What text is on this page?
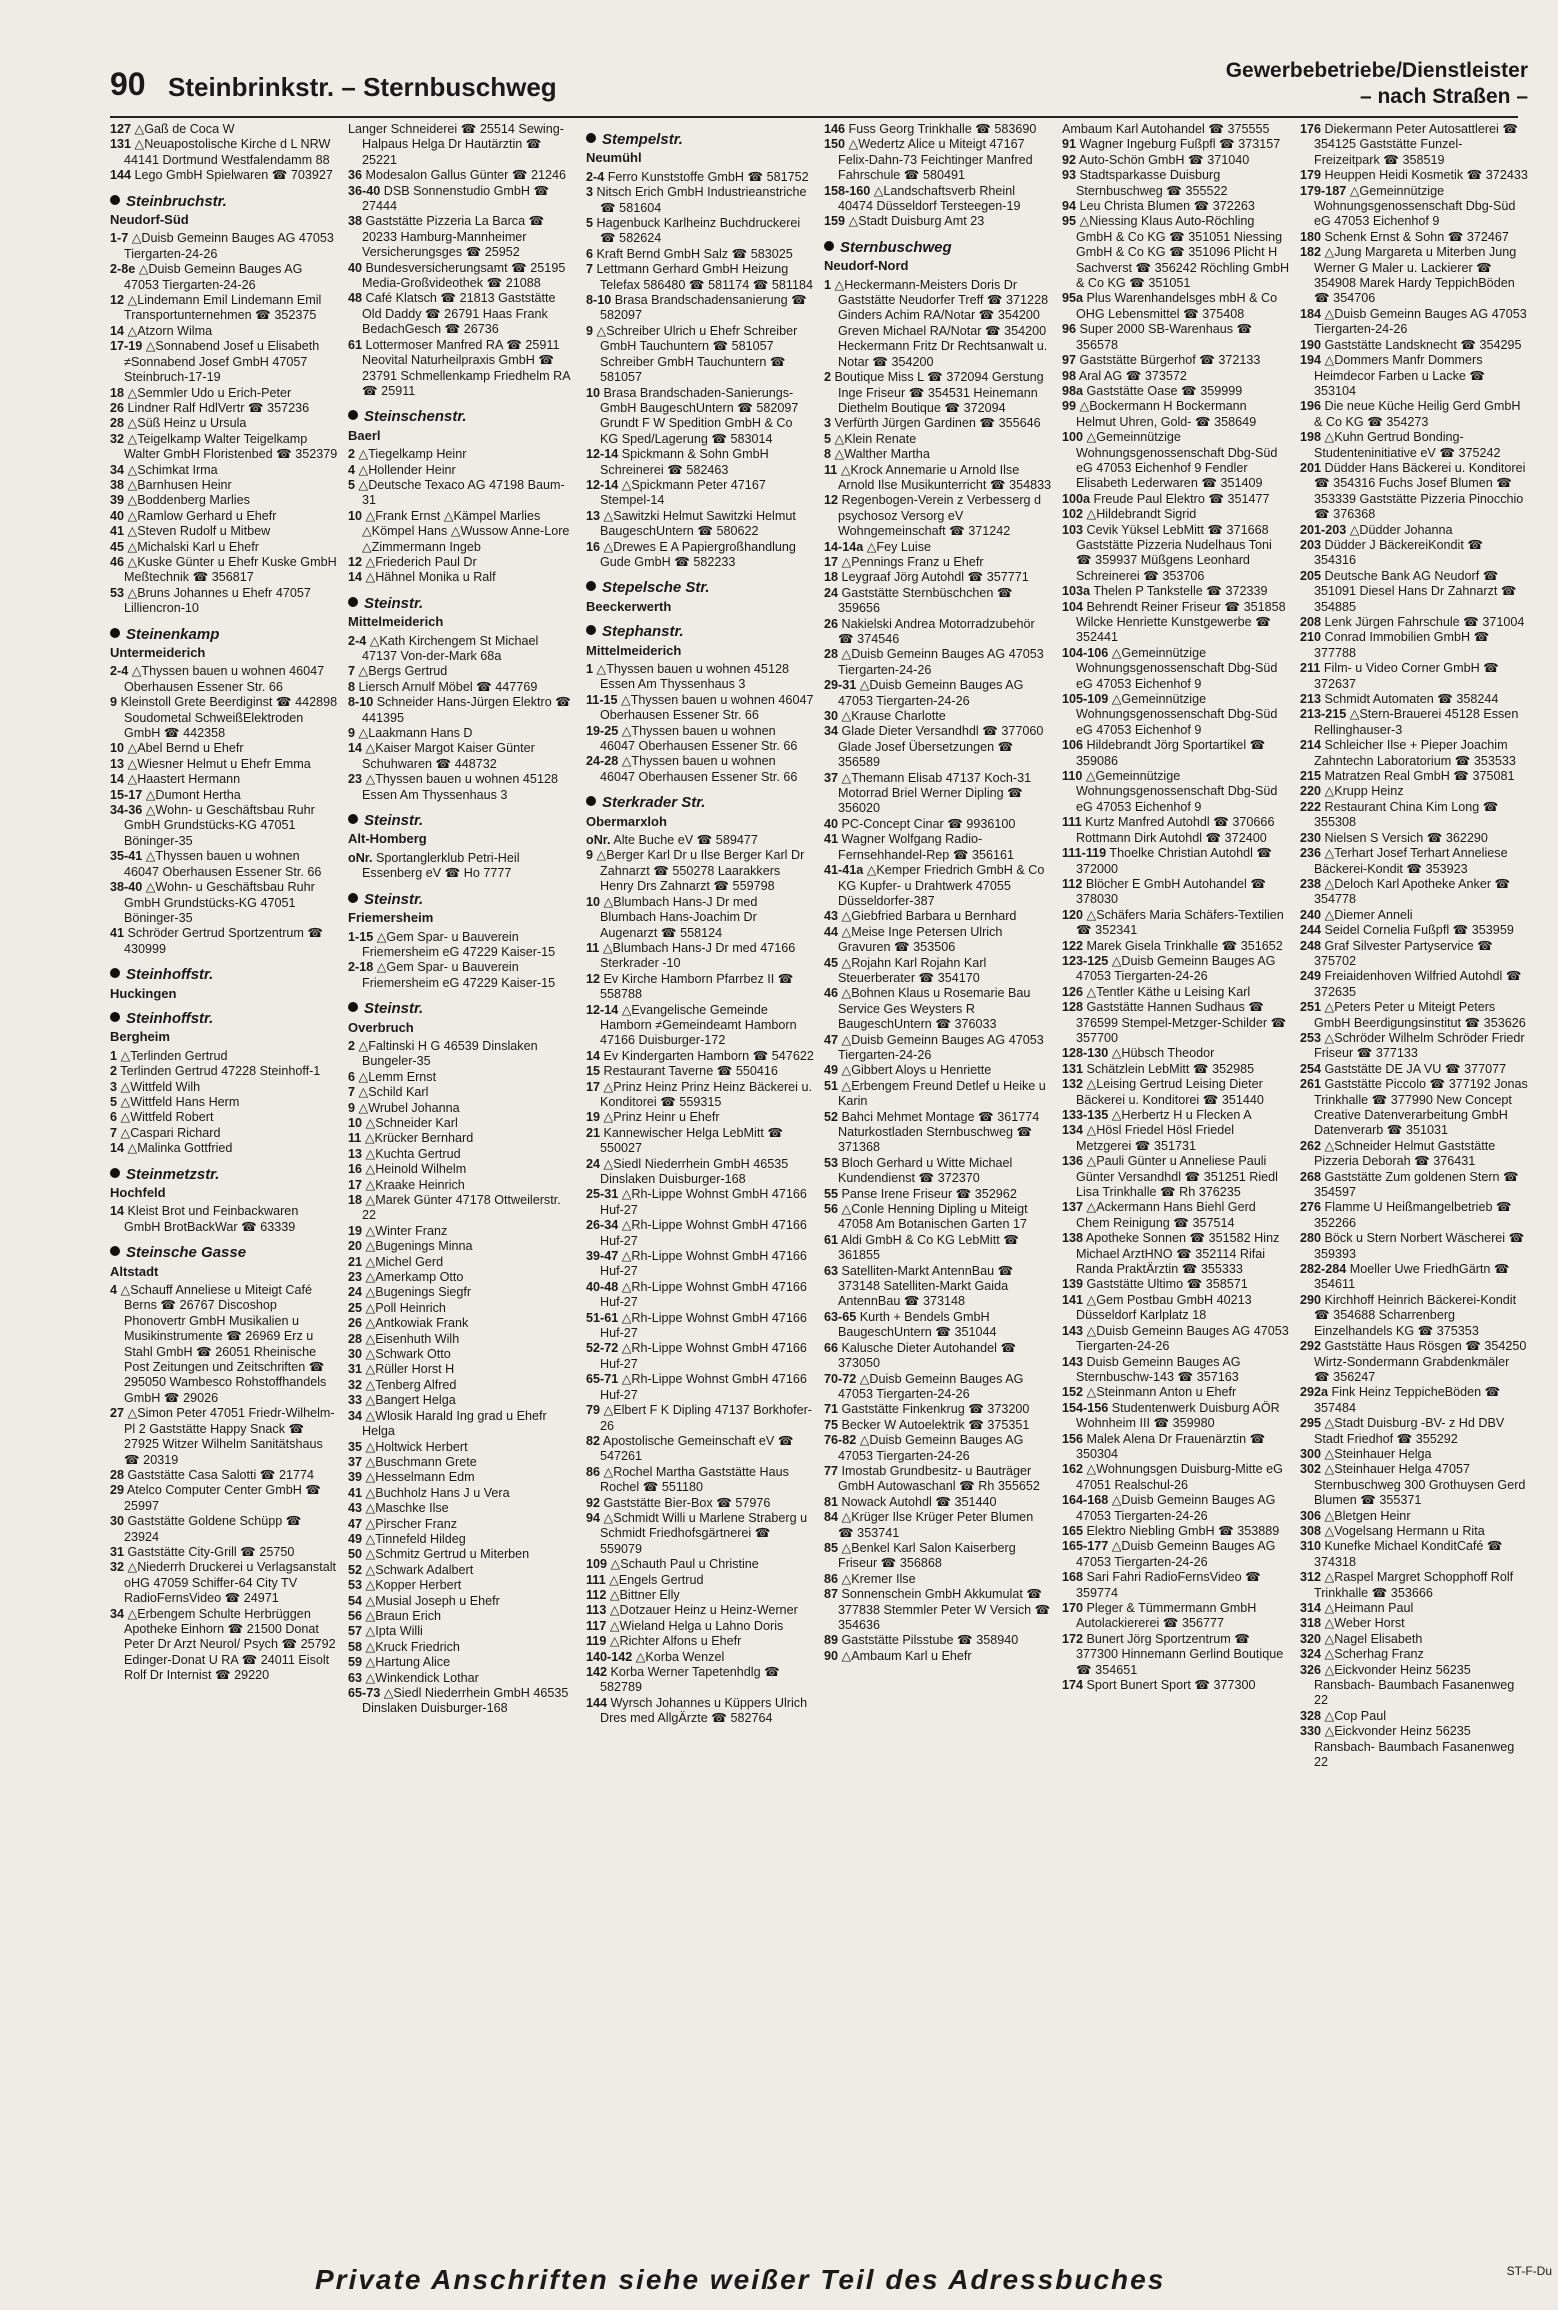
90 Steinbrinkstr. – Sternbuschweg
Gewerbebetriebe/Dienstleister
– nach Straßen –
127 △Gaß de Coca W
131 △Neuapostolische Kirche d L NRW 44141 Dortmund Westfalendamm 88
144 Lego GmbH Spielwaren ☎ 703927
Steinbruchstr.
Neudorf-Süd
1-7 △Duisb Gemeinn Bauges AG 47053 Tiergarten-24-26
2-8e △Duisb Gemeinn Bauges AG 47053 Tiergarten-24-26
12 △Lindemann Emil Lindemann Emil Transportunternehmen ☎ 352375
14 △Atzorn Wilma
17-19 △Sonnabend Josef u Elisabeth ≠Sonnabend Josef GmbH 47057 Steinbruch-17-19
18 △Semmler Udo u Erich-Peter
26 Lindner Ralf HdlVertr ☎ 357236
28 △Süß Heinz u Ursula
32 △Teigelkamp Walter Teigelkamp Walter GmbH Floristenbed ☎ 352379
34 △Schimkat Irma
38 △Barnhusen Heinr
39 △Boddenberg Marlies
40 △Ramlow Gerhard u Ehefr
41 △Steven Rudolf u Mitbew
45 △Michalski Karl u Ehefr
46 △Kuske Günter u Ehefr Kuske GmbH Meßtechnik ☎ 356817
53 △Bruns Johannes u Ehefr 47057 Lilliencron-10
Steinenkamp
Untermeiderich
2-4 △Thyssen bauen u wohnen 46047 Oberhausen Essener Str. 66
9 Kleinstoll Grete Beerdiginst ☎ 442898 Soudometal SchweißElektroden GmbH ☎ 442358
10 △Abel Bernd u Ehefr
13 △Wiesner Helmut u Ehefr Emma
14 △Haastert Hermann
15-17 △Dumont Hertha
34-36 △Wohn- u Geschäftsbau Ruhr GmbH Grundstücks-KG 47051 Böninger-35
35-41 △Thyssen bauen u wohnen 46047 Oberhausen Essener Str. 66
38-40 △Wohn- u Geschäftsbau Ruhr GmbH Grundstücks-KG 47051 Böninger-35
41 Schröder Gertrud Sportzentrum ☎ 430999
Steinhoffstr.
Huckingen
Steinhoffstr.
Bergheim
1 △Terlinden Gertrud
2 Terlinden Gertrud 47228 Steinhoff-1
3 △Wittfeld Wilh
5 △Wittfeld Hans Herm
6 △Wittfeld Robert
7 △Caspari Richard
14 △Malinka Gottfried
Steinmetzstr.
Hochfeld
14 Kleist Brot und Feinbackwaren GmbH BrotBackWar ☎ 63339
Steinsche Gasse
Altstadt
4 △Schauff Anneliese u Miteigt Café Berns ☎ 26767 Discoshop Phonovertr GmbH Musikalien u Musikinstrumente ☎ 26969 Erz u Stahl GmbH ☎ 26051 Rheinische Post Zeitungen und Zeitschriften ☎ 295050 Wambesco Rohstoffhandels GmbH ☎ 29026
27 △Simon Peter 47051 Friedr-Wilhelm-Pl 2 Gaststätte Happy Snack ☎ 27925 Witzer Wilhelm Sanitätshaus ☎ 20319
28 Gaststätte Casa Salotti ☎ 21774
29 Atelco Computer Center GmbH ☎ 25997
30 Gaststätte Goldene Schüpp ☎ 23924
31 Gaststätte City-Grill ☎ 25750
32 △Niederrh Druckerei u Verlagsanstalt oHG 47059 Schiffer-64 City TV RadioFernsVideo ☎ 24971
34 △Erbengem Schulte Herbrüggen Apotheke Einhorn ☎ 21500 Donat Peter Dr Arzt Neurol/ Psych ☎ 25792 Edinger-Donat U RA ☎ 24011 Eisolt Rolf Dr Internist ☎ 29220
Langer Schneiderei ☎ 25514 Sewing-Halpaus Helga Dr Hautärztin ☎ 25221
36 Modesalon Gallus Günter ☎ 21246
36-40 DSB Sonnenstudio GmbH ☎ 27444
38 Gaststätte Pizzeria La Barca ☎ 20233 Hamburg-Mannheimer Versicherungsges ☎ 25952
40 Bundesversicherungsamt ☎ 25195 Media-Großvideothek ☎ 21088
48 Café Klatsch ☎ 21813 Gaststätte Old Daddy ☎ 26791 Haas Frank BedachGesch ☎ 26736
61 Lottermoser Manfred RA ☎ 25911 Neovital Naturheilpraxis GmbH ☎ 23791 Schmellenkamp Friedhelm RA ☎ 25911
Steinschenstr.
Baerl
2 △Tiegelkamp Heinr
4 △Hollender Heinr
5 △Deutsche Texaco AG 47198 Baum-31
10 △Frank Ernst △Kämpel Marlies △Kömpel Hans △Wussow Anne-Lore △Zimmermann Ingeb
12 △Friederich Paul Dr
14 △Hähnel Monika u Ralf
Steinstr.
Mittelmeiderich
2-4 △Kath Kirchengem St Michael 47137 Von-der-Mark 68a
7 △Bergs Gertrud
8 Liersch Arnulf Möbel ☎ 447769
8-10 Schneider Hans-Jürgen Elektro ☎ 441395
9 △Laakmann Hans D
14 △Kaiser Margot Kaiser Günter Schuhwaren ☎ 448732
23 △Thyssen bauen u wohnen 45128 Essen Am Thyssenhaus 3
Steinstr.
Alt-Homberg
oNr. Sportanglerklub Petri-Heil Essenberg eV ☎ Ho 7777
Steinstr.
Friemersheim
1-15 △Gem Spar- u Bauverein Friemersheim eG 47229 Kaiser-15
2-18 △Gem Spar- u Bauverein Friemersheim eG 47229 Kaiser-15
Steinstr.
Overbruch
2 △Faltinski H G 46539 Dinslaken Bungeler-35
6 △Lemm Ernst
7 △Schild Karl
9 △Wrubel Johanna
10 △Schneider Karl
11 △Krücker Bernhard
13 △Kuchta Gertrud
16 △Heinold Wilhelm
17 △Kraake Heinrich
18 △Marek Günter 47178 Ottweilerstr. 22
19 △Winter Franz
20 △Bugenings Minna
21 △Michel Gerd
23 △Amerkamp Otto
24 △Bugenings Siegfr
25 △Poll Heinrich
26 △Antkowiak Frank
28 △Eisenhuth Wilh
30 △Schwark Otto
31 △Rüller Horst H
32 △Tenberg Alfred
33 △Bangert Helga
34 △Wlosik Harald Ing grad u Ehefr Helga
35 △Holtwick Herbert
37 △Buschmann Grete
39 △Hesselmann Edm
41 △Buchholz Hans J u Vera
43 △Maschke Ilse
47 △Pirscher Franz
49 △Tinnefeld Hildeg
50 △Schmitz Gertrud u Miterben
52 △Schwark Adalbert
53 △Kopper Herbert
54 △Musial Joseph u Ehefr
56 △Braun Erich
57 △Ipta Willi
58 △Kruck Friedrich
59 △Hartung Alice
63 △Winkendick Lothar
65-73 △Siedl Niederrhein GmbH 46535 Dinslaken Duisburger-168
Stempelstr.
Neumühl
2-4 Ferro Kunststoffe GmbH ☎ 581752
3 Nitsch Erich GmbH Industrieanstriche ☎ 581604
5 Hagenbuck Karlheinz Buchdruckerei ☎ 582624
6 Kraft Bernd GmbH Salz ☎ 583025
7 Lettmann Gerhard GmbH Heizung Telefax 586480 ☎ 581174 ☎ 581184
8-10 Brasa Brandschadensanierung ☎ 582097
9 △Schreiber Ulrich u Ehefr Schreiber GmbH Tauchuntern ☎ 581057 Schreiber GmbH Tauchuntern ☎ 581057
10 Brasa Brandschaden-Sanierungs- GmbH BaugeschUntern ☎ 582097 Grundt F W Spedition GmbH & Co KG Sped/Lagerung ☎ 583014
12-14 Spickmann & Sohn GmbH Schreinerei ☎ 582463
12-14 △Spickmann Peter 47167 Stempel-14
13 △Sawitzki Helmut Sawitzki Helmut BaugeschUntern ☎ 580622
16 △Drewes E A Papiergroßhandlung Gude GmbH ☎ 582233
Stepelsche Str.
Beeckerwerth
Stephanstr.
Mittelmeiderich
1 △Thyssen bauen u wohnen 45128 Essen Am Thyssenhaus 3
11-15 △Thyssen bauen u wohnen 46047 Oberhausen Essener Str. 66
19-25 △Thyssen bauen u wohnen 46047 Oberhausen Essener Str. 66
24-28 △Thyssen bauen u wohnen 46047 Oberhausen Essener Str. 66
Sterkrader Str.
Obermarxloh
oNr. Alte Buche eV ☎ 589477
9 △Berger Karl Dr u Ilse Berger Karl Dr Zahnarzt ☎ 550278 Laarakkers Henry Drs Zahnarzt ☎ 559798
10 △Blumbach Hans-J Dr med Blumbach Hans-Joachim Dr Augenarzt ☎ 558124
11 △Blumbach Hans-J Dr med 47166 Sterkrader -10
12 Ev Kirche Hamborn Pfarrbez II ☎ 558788
12-14 △Evangelische Gemeinde Hamborn ≠Gemeindeamt Hamborn 47166 Duisburger-172
14 Ev Kindergarten Hamborn ☎ 547622
15 Restaurant Taverne ☎ 550416
17 △Prinz Heinz Prinz Heinz Bäckerei u. Konditorei ☎ 559315
19 △Prinz Heinr u Ehefr
21 Kannewischer Helga LebMitt ☎ 550027
24 △Siedl Niederrhein GmbH 46535 Dinslaken Duisburger-168
25-31 △Rh-Lippe Wohnst GmbH 47166 Huf-27
26-34 △Rh-Lippe Wohnst GmbH 47166 Huf-27
39-47 △Rh-Lippe Wohnst GmbH 47166 Huf-27
40-48 △Rh-Lippe Wohnst GmbH 47166 Huf-27
51-61 △Rh-Lippe Wohnst GmbH 47166 Huf-27
52-72 △Rh-Lippe Wohnst GmbH 47166 Huf-27
65-71 △Rh-Lippe Wohnst GmbH 47166 Huf-27
79 △Elbert F K Dipling 47137 Borkhofer-26
82 Apostolische Gemeinschaft eV ☎ 547261
86 △Rochel Martha Gaststätte Haus Rochel ☎ 551180
92 Gaststätte Bier-Box ☎ 57976
94 △Schmidt Willi u Marlene Straberg u Schmidt Friedhofsgärtnerei ☎ 559079
109 △Schauth Paul u Christine
111 △Engels Gertrud
112 △Bittner Elly
113 △Dotzauer Heinz u Heinz-Werner
117 △Wieland Helga u Lahno Doris
119 △Richter Alfons u Ehefr
140-142 △Korba Wenzel
142 Korba Werner Tapetenhdlg ☎ 582789
144 Wyrsch Johannes u Küppers Ulrich Dres med AllgÄrzte ☎ 582764
146 Fuss Georg Trinkhalle ☎ 583690
150 △Wedertz Alice u Miteigt 47167 Felix-Dahn-73 Feichtinger Manfred Fahrschule ☎ 580491
158-160 △Landschaftsverb Rheinl 40474 Düsseldorf Tersteegen-19
159 △Stadt Duisburg Amt 23
Sternbuschweg
Neudorf-Nord
1 △Heckermann-Meisters Doris Dr Gaststätte Neudorfer Treff ☎ 371228 Ginders Achim RA/Notar ☎ 354200 Greven Michael RA/Notar ☎ 354200 Heckermann Fritz Dr Rechtsanwalt u. Notar ☎ 354200
2 Boutique Miss L ☎ 372094 Gerstung Inge Friseur ☎ 354531 Heinemann Diethelm Boutique ☎ 372094
3 Verfürth Jürgen Gardinen ☎ 355646
5 △Klein Renate
8 △Walther Martha
11 △Krock Annemarie u Arnold Ilse Arnold Ilse Musikunterricht ☎ 354833
12 Regenbogen-Verein z Verbesserg d psychosoz Versorg eV Wohngemeinschaft ☎ 371242
14-14a △Fey Luise
17 △Pennings Franz u Ehefr
18 Leygraaf Jörg Autohdl ☎ 357771
24 Gaststätte Sternbüschchen ☎ 359656
26 Nakielski Andrea Motorradzubehör ☎ 374546
28 △Duisb Gemeinn Bauges AG 47053 Tiergarten-24-26
29-31 △Duisb Gemeinn Bauges AG 47053 Tiergarten-24-26
30 △Krause Charlotte
34 Glade Dieter Versandhdl ☎ 377060 Glade Josef Übersetzungen ☎ 356589
37 △Themann Elisab 47137 Koch-31 Motorrad Briel Werner Dipling ☎ 356020
40 PC-Concept Cinar ☎ 9936100
41 Wagner Wolfgang Radio-Fernsehhandel-Rep ☎ 356161
41-41a △Kemper Friedrich GmbH & Co KG Kupfer- u Drahtwerk 47055 Düsseldorfer-387
43 △Giebfried Barbara u Bernhard
44 △Meise Inge Petersen Ulrich Gravuren ☎ 353506
45 △Rojahn Karl Rojahn Karl Steuerberater ☎ 354170
46 △Bohnen Klaus u Rosemarie Bau Service Ges Weysters R BaugeschUntern ☎ 376033
47 △Duisb Gemeinn Bauges AG 47053 Tiergarten-24-26
49 △Gibbert Aloys u Henriette
51 △Erbengem Freund Detlef u Heike u Karin
52 Bahci Mehmet Montage ☎ 361774 Naturkostladen Sternbuschweg ☎ 371368
53 Bloch Gerhard u Witte Michael Kundendienst ☎ 372370
55 Panse Irene Friseur ☎ 352962
56 △Conle Henning Dipling u Miteigt 47058 Am Botanischen Garten 17
61 Aldi GmbH & Co KG LebMitt ☎ 361855
63 Satelliten-Markt AntennBau ☎ 373148 Satelliten-Markt Gaida AntennBau ☎ 373148
63-65 Kurth + Bendels GmbH BaugeschUntern ☎ 351044
66 Kalusche Dieter Autohandel ☎ 373050
70-72 △Duisb Gemeinn Bauges AG 47053 Tiergarten-24-26
71 Gaststätte Finkenkrug ☎ 373200
75 Becker W Autoelektrik ☎ 375351
76-82 △Duisb Gemeinn Bauges AG 47053 Tiergarten-24-26
77 Imostab Grundbesitz- u Bauträger GmbH Autowaschanl ☎ Rh 355652
81 Nowack Autohdl ☎ 351440
84 △Krüger Ilse Krüger Peter Blumen ☎ 353741
85 △Benkel Karl Salon Kaiserberg Friseur ☎ 356868
86 △Kremer Ilse
87 Sonnenschein GmbH Akkumulat ☎ 377838 Stemmler Peter W Versich ☎ 354636
89 Gaststätte Pilsstube ☎ 358940
90 △Ambaum Karl u Ehefr
Ambaum Karl Autohandel ☎ 375555
91 Wagner Ingeburg Fußpfl ☎ 373157
92 Auto-Schön GmbH ☎ 371040
93 Stadtsparkasse Duisburg Sternbuschweg ☎ 355522
94 Leu Christa Blumen ☎ 372263
95 △Niessing Klaus Auto-Röchling GmbH & Co KG ☎ 351051 Niessing GmbH & Co KG ☎ 351096 Plicht H Sachverst ☎ 356242 Röchling GmbH & Co KG ☎ 351051
95a Plus Warenhandelsges mbH & Co OHG Lebensmittel ☎ 375408
96 Super 2000 SB-Warenhaus ☎ 356578
97 Gaststätte Bürgerhof ☎ 372133
98 Aral AG ☎ 373572
98a Gaststätte Oase ☎ 359999
99 △Bockermann H Bockermann Helmut Uhren, Gold- ☎ 358649
100 △Gemeinnützige Wohnungsgenossenschaft Dbg-Süd eG 47053 Eichenhof 9 Fendler Elisabeth Lederwaren ☎ 351409
100a Freude Paul Elektro ☎ 351477
102 △Hildebrandt Sigrid
103 Cevik Yüksel LebMitt ☎ 371668 Gaststätte Pizzeria Nudelhaus Toni ☎ 359937 Müßgens Leonhard Schreinerei ☎ 353706
103a Thelen P Tankstelle ☎ 372339
104 Behrendt Reiner Friseur ☎ 351858 Wilcke Henriette Kunstgewerbe ☎ 352441
104-106 △Gemeinnützige Wohnungsgenossenschaft Dbg-Süd eG 47053 Eichenhof 9
105-109 △Gemeinnützige Wohnungsgenossenschaft Dbg-Süd eG 47053 Eichenhof 9
106 Hildebrandt Jörg Sportartikel ☎ 359086
110 △Gemeinnützige Wohnungsgenossenschaft Dbg-Süd eG 47053 Eichenhof 9
111 Kurtz Manfred Autohdl ☎ 370666 Rottmann Dirk Autohdl ☎ 372400
111-119 Thoelke Christian Autohdl ☎ 372000
112 Blöcher E GmbH Autohandel ☎ 378030
120 △Schäfers Maria Schäfers-Textilien ☎ 352341
122 Marek Gisela Trinkhalle ☎ 351652
123-125 △Duisb Gemeinn Bauges AG 47053 Tiergarten-24-26
126 △Tentler Käthe u Leising Karl
128 Gaststätte Hannen Sudhaus ☎ 376599 Stempel-Metzger-Schilder ☎ 357700
128-130 △Hübsch Theodor
131 Schätzlein LebMitt ☎ 352985
132 △Leising Gertrud Leising Dieter Bäckerei u. Konditorei ☎ 351440
133-135 △Herbertz H u Flecken A
134 △Hösl Friedel Hösl Friedel Metzgerei ☎ 351731
136 △Pauli Günter u Anneliese Pauli Günter Versandhdl ☎ 351251 Riedl Lisa Trinkhalle ☎ Rh 376235
137 △Ackermann Hans Biehl Gerd Chem Reinigung ☎ 357514
138 Apotheke Sonnen ☎ 351582 Hinz Michael ArztHNO ☎ 352114 Rifai Randa PraktÄrztin ☎ 355333
139 Gaststätte Ultimo ☎ 358571
141 △Gem Postbau GmbH 40213 Düsseldorf Karlplatz 18
143 △Duisb Gemeinn Bauges AG 47053 Tiergarten-24-26
143 Duisb Gemeinn Bauges AG Sternbuschw-143 ☎ 357163
152 △Steinmann Anton u Ehefr
154-156 Studentenwerk Duisburg AÖR Wohnheim III ☎ 359980
156 Malek Alena Dr Frauenärztin ☎ 350304
162 △Wohnungsgen Duisburg-Mitte eG 47051 Realschul-26
164-168 △Duisb Gemeinn Bauges AG 47053 Tiergarten-24-26
165 Elektro Niebling GmbH ☎ 353889
165-177 △Duisb Gemeinn Bauges AG 47053 Tiergarten-24-26
168 Sari Fahri RadioFernsVideo ☎ 359774
170 Pleger & Tümmermann GmbH Autolackiererei ☎ 356777
172 Bunert Jörg Sportzentrum ☎ 377300 Hinnemann Gerlind Boutique ☎ 354651
174 Sport Bunert Sport ☎ 377300
176 Diekermann Peter Autosattlerei ☎ 354125 Gaststätte Funzel-Freizeitpark ☎ 358519
179 Heuppen Heidi Kosmetik ☎ 372433
179-187 △Gemeinnützige Wohnungsgenossenschaft Dbg-Süd eG 47053 Eichenhof 9
180 Schenk Ernst & Sohn ☎ 372467
182 △Jung Margareta u Miterben Jung Werner G Maler u. Lackierer ☎ 354908 Marek Hardy TeppichBöden ☎ 354706
184 △Duisb Gemeinn Bauges AG 47053 Tiergarten-24-26
190 Gaststätte Landsknecht ☎ 354295
194 △Dommers Manfr Dommers Heimdecor Farben u Lacke ☎ 353104
196 Die neue Küche Heilig Gerd GmbH & Co KG ☎ 354273
198 △Kuhn Gertrud Bonding-Studenteninitiative eV ☎ 375242
201 Düdder Hans Bäckerei u. Konditorei ☎ 354316 Fuchs Josef Blumen ☎ 353339 Gaststätte Pizzeria Pinocchio ☎ 376368
201-203 △Düdder Johanna
203 Düdder J BäckereiKondit ☎ 354316
205 Deutsche Bank AG Neudorf ☎ 351091 Diesel Hans Dr Zahnarzt ☎ 354885
208 Lenk Jürgen Fahrschule ☎ 371004
210 Conrad Immobilien GmbH ☎ 377788
211 Film- u Video Corner GmbH ☎ 372637
213 Schmidt Automaten ☎ 358244
213-215 △Stern-Brauerei 45128 Essen Rellinghauser-3
214 Schleicher Ilse + Pieper Joachim Zahntechn Laboratorium ☎ 353533
215 Matratzen Real GmbH ☎ 375081
220 △Krupp Heinz
222 Restaurant China Kim Long ☎ 355308
230 Nielsen S Versich ☎ 362290
236 △Terhart Josef Terhart Anneliese Bäckerei-Kondit ☎ 353923
238 △Deloch Karl Apotheke Anker ☎ 354778
240 △Diemer Anneli
244 Seidel Cornelia Fußpfl ☎ 353959
248 Graf Silvester Partyservice ☎ 375702
249 Freiaidenhoven Wilfried Autohdl ☎ 372635
251 △Peters Peter u Miteigt Peters GmbH Beerdigungsinstitut ☎ 353626
253 △Schröder Wilhelm Schröder Friedr Friseur ☎ 377133
254 Gaststätte DE JA VU ☎ 377077
261 Gaststätte Piccolo ☎ 377192 Jonas Trinkhalle ☎ 377990 New Concept Creative Datenverarbeitung GmbH Datenverarb ☎ 351031
262 △Schneider Helmut Gaststätte Pizzeria Deborah ☎ 376431
268 Gaststätte Zum goldenen Stern ☎ 354597
276 Flamme U Heißmangelbetrieb ☎ 352266
280 Böck u Stern Norbert Wäscherei ☎ 359393
282-284 Moeller Uwe FriedhGärtn ☎ 354611
290 Kirchhoff Heinrich Bäckerei-Kondit ☎ 354688 Scharrenberg Einzelhandels KG ☎ 375353
292 Gaststätte Haus Rösgen ☎ 354250 Wirtz-Sondermann Grabdenkmäler ☎ 356247
292a Fink Heinz TeppicheBöden ☎ 357484
295 △Stadt Duisburg -BV- z Hd DBV Stadt Friedhof ☎ 355292
300 △Steinhauer Helga
302 △Steinhauer Helga 47057 Sternbuschweg 300 Grothuysen Gerd Blumen ☎ 355371
306 △Bletgen Heinr
308 △Vogelsang Hermann u Rita
310 Kunefke Michael KonditCafé ☎ 374318
312 △Raspel Margret Schopphoff Rolf Trinkhalle ☎ 353666
314 △Heimann Paul
318 △Weber Horst
320 △Nagel Elisabeth
324 △Scherhag Franz
326 △Eickvonder Heinz 56235 Ransbach- Baumbach Fasanenweg 22
328 △Cop Paul
330 △Eickvonder Heinz 56235 Ransbach- Baumbach Fasanenweg 22
Private Anschriften siehe weißer Teil des Adressbuches	ST-F-Du
